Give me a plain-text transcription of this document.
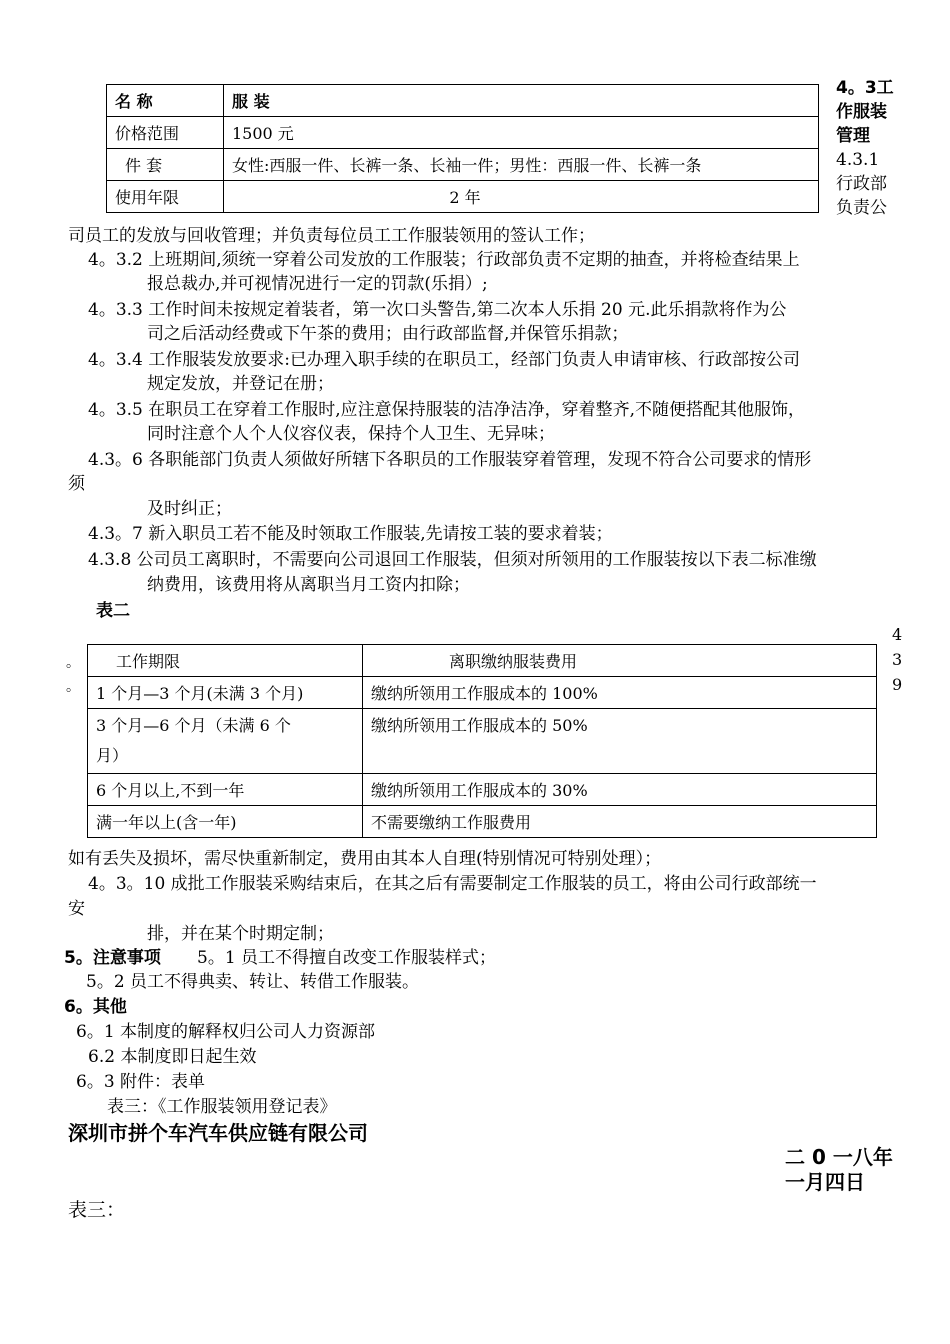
名 称	服 装
价格范围	1500 元
件 套	女性:西服一件、长裤一条、长袖一件；男性：西服一件、长裤一条
使用年限	2 年
4。3工
作服装
管理
4.3.1
行政部
负责公
司员工的发放与回收管理；并负责每位员工工作服装领用的签认工作；
4。3.2 上班期间,须统一穿着公司发放的工作服装；行政部负责不定期的抽查，并将检查结果上
报总裁办,并可视情况进行一定的罚款(乐捐）;
4。3.3 工作时间未按规定着装者，第一次口头警告,第二次本人乐捐 20 元.此乐捐款将作为公
司之后活动经费或下午茶的费用；由行政部监督,并保管乐捐款；
4。3.4 工作服装发放要求:已办理入职手续的在职员工，经部门负责人申请审核、行政部按公司
规定发放，并登记在册；
4。3.5 在职员工在穿着工作服时,应注意保持服装的洁净洁净，穿着整齐,不随便搭配其他服饰，
同时注意个人个人仪容仪表，保持个人卫生、无异味；
4.3。6 各职能部门负责人须做好所辖下各职员的工作服装穿着管理，发现不符合公司要求的情形
须
及时纠正；
4.3。7 新入职员工若不能及时领取工作服装,先请按工装的要求着装；
4.3.8 公司员工离职时，不需要向公司退回工作服装，但须对所领用的工作服装按以下表二标准缴
纳费用，该费用将从离职当月工资内扣除；
表二
。
。
4
3
9
工作期限	离职缴纳服装费用
1 个月—3 个月(未满 3 个月)	缴纳所领用工作服成本的 100%

3 个月—6 个月（未满 6 个
月）	缴纳所领用工作服成本的 50%
6 个月以上,不到一年	缴纳所领用工作服成本的 30%
满一年以上(含一年)	不需要缴纳工作服费用
如有丢失及损坏，需尽快重新制定，费用由其本人自理(特别情况可特别处理）；
4。3。10 成批工作服装采购结束后，在其之后有需要制定工作服装的员工，将由公司行政部统一
安
排，并在某个时期定制；
5。注意事项 5。1 员工不得擅自改变工作服装样式；
5。2 员工不得典卖、转让、转借工作服装。
6。其他
6。1 本制度的解释权归公司人力资源部
6.2 本制度即日起生效
6。3 附件：表单
表三：《工作服装领用登记表》
深圳市拼个车汽车供应链有限公司
二 0 一八年
一月四日
表三：
